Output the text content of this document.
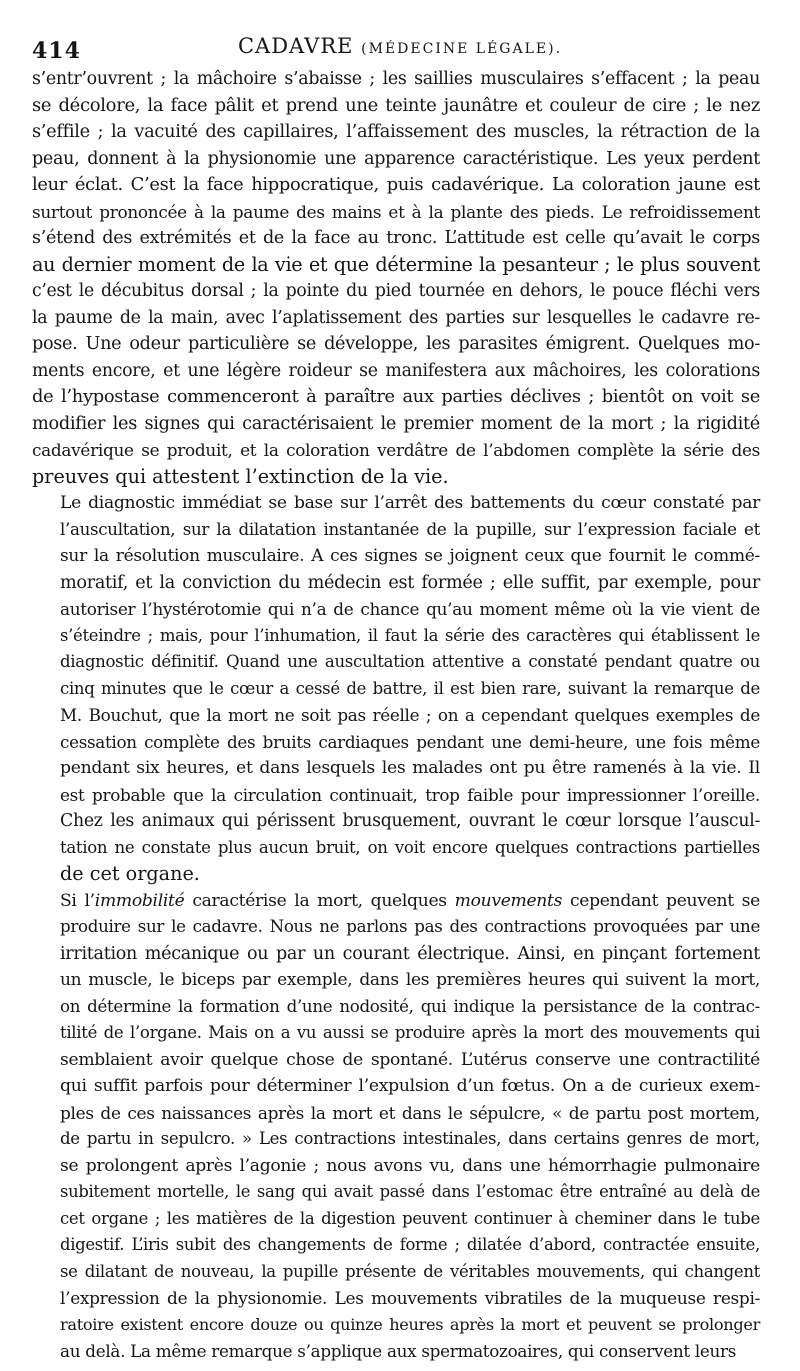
414	CADAVRE (MÉDECINE LÉGALE).

s’entr’ouvrent ; la mâchoire s’abaisse ; les saillies musculaires s’effacent ; la peau
se décolore, la face pâlit et prend une teinte jaunâtre et couleur de cire ; le nez
s’effile ; la vacuité des capillaires, l’affaissement des muscles, la rétraction de la
peau, donnent à la physionomie une apparence caractéristique. Les yeux perdent
leur éclat. C’est la face hippocratique, puis cadavérique. La coloration jaune est
surtout prononcée à la paume des mains et à la plante des pieds. Le refroidissement
s’étend des extrémités et de la face au tronc. L’attitude est celle qu’avait le corps
au dernier moment de la vie et que détermine la pesanteur ; le plus souvent
c’est le décubitus dorsal ; la pointe du pied tournée en dehors, le pouce fléchi vers
la paume de la main, avec l’aplatissement des parties sur lesquelles le cadavre re-
pose. Une odeur particulière se développe, les parasites émigrent. Quelques mo-
ments encore, et une légère roideur se manifestera aux mâchoires, les colorations
de l’hypostase commenceront à paraître aux parties déclives ; bientôt on voit se
modifier les signes qui caractérisaient le premier moment de la mort ; la rigidité
cadavérique se produit, et la coloration verdâtre de l’abdomen complète la série des
preuves qui attestent l’extinction de la vie.

Le diagnostic immédiat se base sur l’arrêt des battements du cœur constaté par
l’auscultation, sur la dilatation instantanée de la pupille, sur l’expression faciale et
sur la résolution musculaire. A ces signes se joignent ceux que fournit le commé-
moratif, et la conviction du médecin est formée ; elle suffit, par exemple, pour
autoriser l’hystérotomie qui n’a de chance qu’au moment même où la vie vient de
s’éteindre ; mais, pour l’inhumation, il faut la série des caractères qui établissent le
diagnostic définitif. Quand une auscultation attentive a constaté pendant quatre ou
cinq minutes que le cœur a cessé de battre, il est bien rare, suivant la remarque de
M. Bouchut, que la mort ne soit pas réelle ; on a cependant quelques exemples de
cessation complète des bruits cardiaques pendant une demi-heure, une fois même
pendant six heures, et dans lesquels les malades ont pu être ramenés à la vie. Il
est probable que la circulation continuait, trop faible pour impressionner l’oreille.
Chez les animaux qui périssent brusquement, ouvrant le cœur lorsque l’auscul-
tation ne constate plus aucun bruit, on voit encore quelques contractions partielles
de cet organe.

Si l’immobilité caractérise la mort, quelques mouvements cependant peuvent se
produire sur le cadavre. Nous ne parlons pas des contractions provoquées par une
irritation mécanique ou par un courant électrique. Ainsi, en pinçant fortement
un muscle, le biceps par exemple, dans les premières heures qui suivent la mort,
on détermine la formation d’une nodosité, qui indique la persistance de la contrac-
tilité de l’organe. Mais on a vu aussi se produire après la mort des mouvements qui
semblaient avoir quelque chose de spontané. L’utérus conserve une contractilité
qui suffit parfois pour déterminer l’expulsion d’un fœtus. On a de curieux exem-
ples de ces naissances après la mort et dans le sépulcre, « de partu post mortem,
de partu in sepulcro. » Les contractions intestinales, dans certains genres de mort,
se prolongent après l’agonie ; nous avons vu, dans une hémorrhagie pulmonaire
subitement mortelle, le sang qui avait passé dans l’estomac être entraîné au delà de
cet organe ; les matières de la digestion peuvent continuer à cheminer dans le tube
digestif. L’iris subit des changements de forme ; dilatée d’abord, contractée ensuite,
se dilatant de nouveau, la pupille présente de véritables mouvements, qui changent
l’expression de la physionomie. Les mouvements vibratiles de la muqueuse respi-
ratoire existent encore douze ou quinze heures après la mort et peuvent se prolonger
au delà. La même remarque s’applique aux spermatozoaires, qui conservent leurs
